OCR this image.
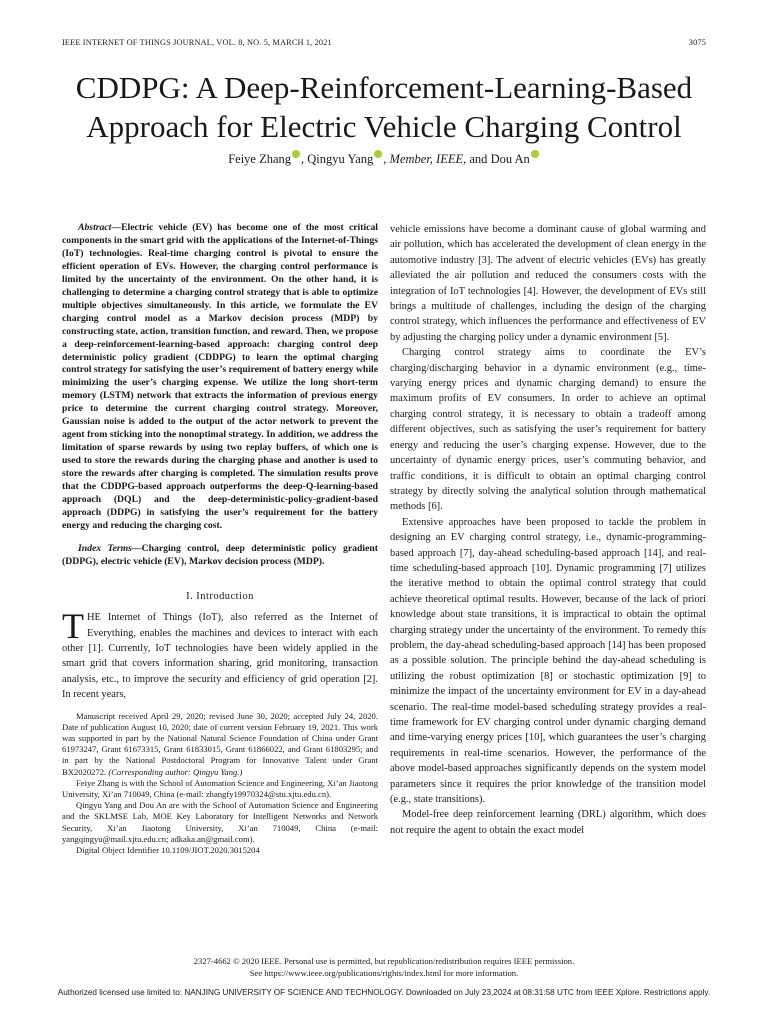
IEEE INTERNET OF THINGS JOURNAL, VOL. 8, NO. 5, MARCH 1, 2021	3075
CDDPG: A Deep-Reinforcement-Learning-Based
Approach for Electric Vehicle Charging Control
Feiye Zhang , Qingyu Yang , Member, IEEE, and Dou An

Abstract—Electric vehicle (EV) has become one of the most critical components in the smart grid with the applications of the Internet-of-Things (IoT) technologies. Real-time charging control is pivotal to ensure the efficient operation of EVs. However, the charging control performance is limited by the uncertainty of the environment. On the other hand, it is challenging to determine a charging control strategy that is able to optimize multiple objectives simultaneously. In this article, we formulate the EV charging control model as a Markov decision process (MDP) by constructing state, action, transition function, and reward. Then, we propose a deep-reinforcement-learning-based approach: charging control deep deterministic policy gradient (CDDPG) to learn the optimal charging control strategy for satisfying the user’s requirement of battery energy while minimizing the user’s charging expense. We utilize the long short-term memory (LSTM) network that extracts the information of previous energy price to determine the current charging control strategy. Moreover, Gaussian noise is added to the output of the actor network to prevent the agent from sticking into the nonoptimal strategy. In addition, we address the limitation of sparse rewards by using two replay buffers, of which one is used to store the rewards during the charging phase and another is used to store the rewards after charging is completed. The simulation results prove that the CDDPG-based approach outperforms the deep-Q-learning-based approach (DQL) and the deep-deterministic-policy-gradient-based approach (DDPG) in satisfying the user’s requirement for the battery energy and reducing the charging cost.

Index Terms—Charging control, deep deterministic policy gradient (DDPG), electric vehicle (EV), Markov decision process (MDP).

I. Introduction

THE Internet of Things (IoT), also referred as the Internet of Everything, enables the machines and devices to interact with each other [1]. Currently, IoT technologies have been widely applied in the smart grid that covers information sharing, grid monitoring, transaction analysis, etc., to improve the security and efficiency of grid operation [2]. In recent years,

Manuscript received April 29, 2020; revised June 30, 2020; accepted July 24, 2020. Date of publication August 10, 2020; date of current version February 19, 2021. This work was supported in part by the National Natural Science Foundation of China under Grant 61973247, Grant 61673315, Grant 61833015, Grant 61866022, and Grant 61803295; and in part by the National Postdoctoral Program for Innovative Talent under Grant BX2020272. (Corresponding author: Qingyu Yang.)

Feiye Zhang is with the School of Automation Science and Engineering, Xi’an Jiaotong University, Xi’an 710049, China (e-mail: zhangfy19970324@stu.xjtu.edu.cn).

Qingyu Yang and Dou An are with the School of Automation Science and Engineering and the SKLMSE Lab, MOE Key Laboratory for Intelligent Networks and Network Security, Xi’an Jiaotong University, Xi’an 710049, China (e-mail: yangqingyu@mail.xjtu.edu.cn; adkaka.an@gmail.com).

Digital Object Identifier 10.1109/JIOT.2020.3015204

vehicle emissions have become a dominant cause of global warming and air pollution, which has accelerated the development of clean energy in the automotive industry [3]. The advent of electric vehicles (EVs) has greatly alleviated the air pollution and reduced the consumers costs with the integration of IoT technologies [4]. However, the development of EVs still brings a multitude of challenges, including the design of the charging control strategy, which influences the performance and effectiveness of EV by adjusting the charging policy under a dynamic environment [5].

Charging control strategy aims to coordinate the EV’s charging/discharging behavior in a dynamic environment (e.g., time-varying energy prices and dynamic charging demand) to ensure the maximum profits of EV consumers. In order to achieve an optimal charging control strategy, it is necessary to obtain a tradeoff among different objectives, such as satisfying the user’s requirement for battery energy and reducing the user’s charging expense. However, due to the uncertainty of dynamic energy prices, user’s commuting behavior, and traffic conditions, it is difficult to obtain an optimal charging control strategy by directly solving the analytical solution through mathematical methods [6].

Extensive approaches have been proposed to tackle the problem in designing an EV charging control strategy, i.e., dynamic-programming-based approach [7], day-ahead scheduling-based approach [14], and real-time scheduling-based approach [10]. Dynamic programming [7] utilizes the iterative method to obtain the optimal control strategy that could achieve theoretical optimal results. However, because of the lack of priori knowledge about state transitions, it is impractical to obtain the optimal charging strategy under the uncertainty of the environment. To remedy this problem, the day-ahead scheduling-based approach [14] has been proposed as a possible solution. The principle behind the day-ahead scheduling is utilizing the robust optimization [8] or stochastic optimization [9] to minimize the impact of the uncertainty environment for EV in a day-ahead scenario. The real-time model-based scheduling strategy provides a real-time framework for EV charging control under dynamic charging demand and time-varying energy prices [10], which guarantees the user’s charging requirements in real-time scenarios. However, the performance of the above model-based approaches significantly depends on the system model parameters since it requires the prior knowledge of the transition model (e.g., state transitions).

Model-free deep reinforcement learning (DRL) algorithm, which does not require the agent to obtain the exact model

2327-4662 © 2020 IEEE. Personal use is permitted, but republication/redistribution requires IEEE permission.
See https://www.ieee.org/publications/rights/index.html for more information.
Authorized licensed use limited to: NANJING UNIVERSITY OF SCIENCE AND TECHNOLOGY. Downloaded on July 23,2024 at 08:31:58 UTC from IEEE Xplore. Restrictions apply.
